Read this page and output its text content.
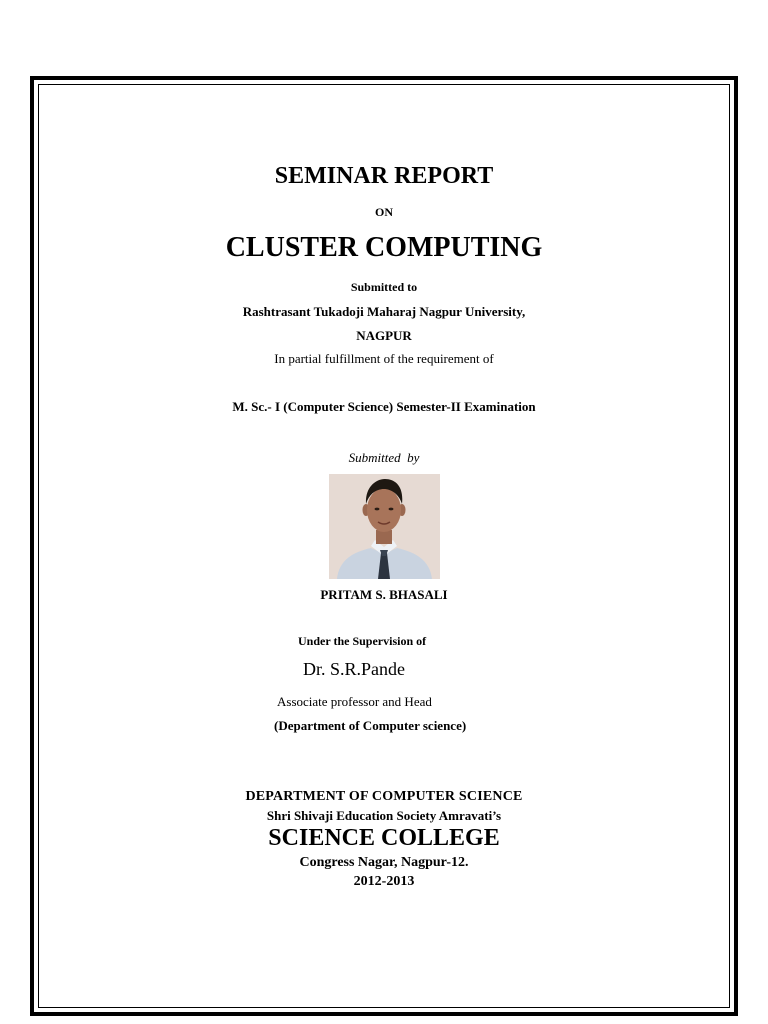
SEMINAR REPORT
ON
CLUSTER COMPUTING
Submitted to
Rashtrasant Tukadoji Maharaj Nagpur University,
NAGPUR
In partial fulfillment of the requirement of
M. Sc.- I (Computer Science) Semester-II Examination
Submitted  by
PRITAM S. BHASALI
Under the Supervision of
Dr. S.R.Pande
Associate professor and Head
(Department of Computer science)
DEPARTMENT OF COMPUTER SCIENCE
Shri Shivaji Education Society Amravati’s
SCIENCE COLLEGE
Congress Nagar, Nagpur-12.
2012-2013
